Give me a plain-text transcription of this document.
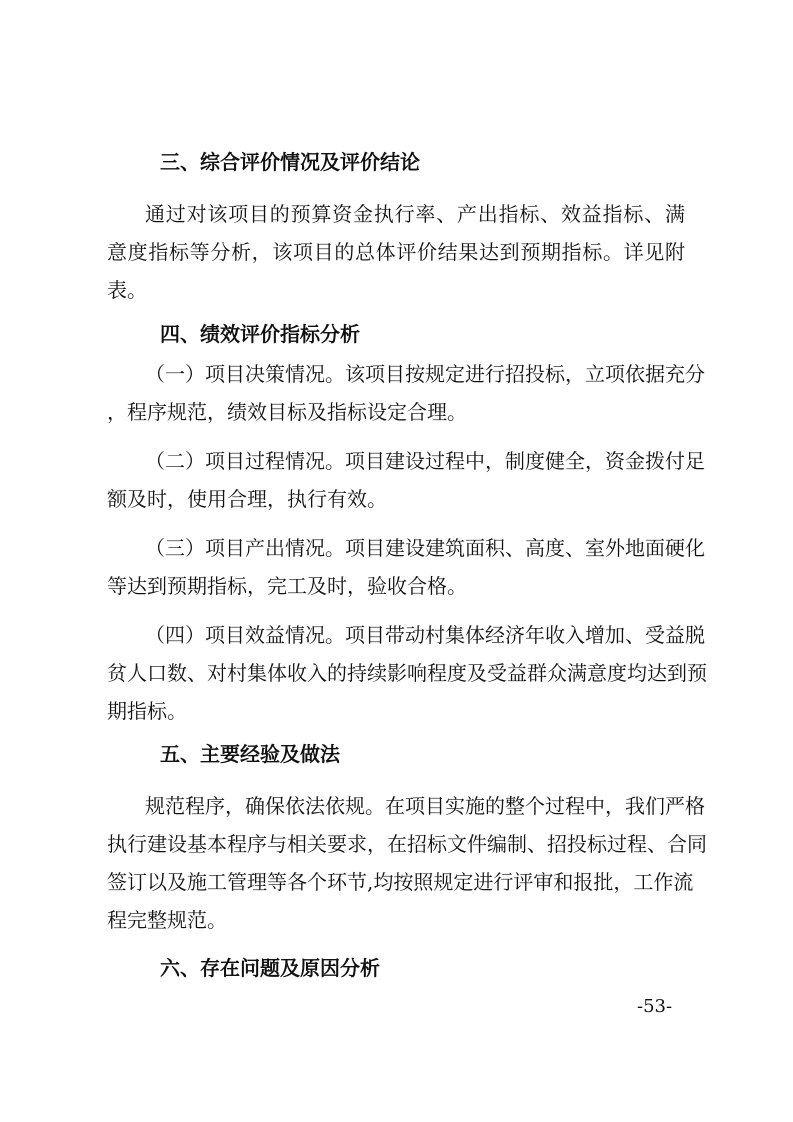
三、综合评价情况及评价结论
通过对该项目的预算资金执行率、产出指标、效益指标、满
意度指标等分析，该项目的总体评价结果达到预期指标。详见附
表。
四、绩效评价指标分析
（一）项目决策情况。该项目按规定进行招投标，立项依据充分
，程序规范，绩效目标及指标设定合理。
（二）项目过程情况。项目建设过程中，制度健全，资金拨付足
额及时，使用合理，执行有效。
（三）项目产出情况。项目建设建筑面积、高度、室外地面硬化
等达到预期指标，完工及时，验收合格。
（四）项目效益情况。项目带动村集体经济年收入增加、受益脱
贫人口数、对村集体收入的持续影响程度及受益群众满意度均达到预
期指标。
五、主要经验及做法
规范程序，确保依法依规。在项目实施的整个过程中，我们严格
执行建设基本程序与相关要求，在招标文件编制、招投标过程、合同
签订以及施工管理等各个环节,均按照规定进行评审和报批，工作流
程完整规范。
六、存在问题及原因分析
-53-
